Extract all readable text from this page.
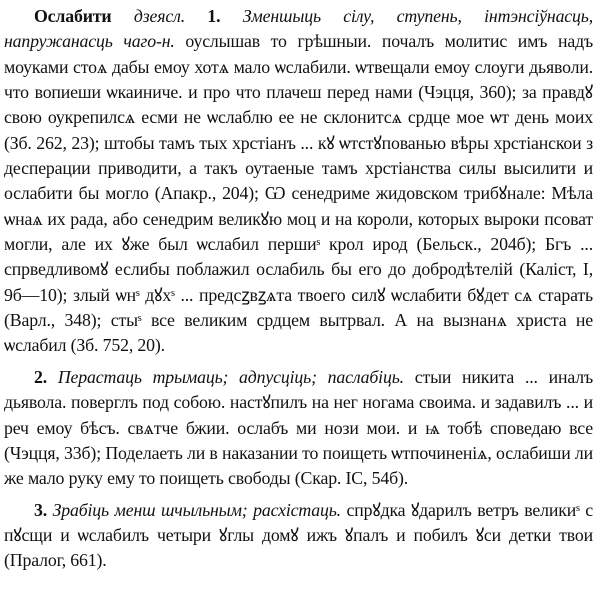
Ослабити дзеясл. 1. Зменшыць сілу, ступень, інтэнсіўнасць, напружанасць чаго-н. оуслышав то грѣшныи. почалъ молитис имъ надъ моуками стоѧ дабы емоу хотѧ мало ѡслабили. ѡтвещали емоу слоуги дьяволи. что вопиеши ѡкаиниче. и про что плачеш перед нами (Чэцця, 360); за правдꙋ свою оукрепилсѧ есми не ѡслаблю ее не склонитсѧ срдце мое ѡт день моих (Зб. 262, 23); штобы тамъ тых хрстіанъ ... кꙋ ѡтстꙋпованью вѣры хрстіанскои з десперации приводити, а такъ оутаеные тамъ хрстіанства силы высилити и ослабити бы могло (Апакр., 204); Ѡ сенедриме жидовском трибꙋнале: Мѣла ѡнаѧ их рада, або сенедрим великꙋю моц и на короли, которых выроки псоват могли, але их ꙋже был ѡслабил першиˢ крол ирод (Бельск., 204б); Бгъ ... спрведливомꙋ еслибы поблажил ослабиль бы его до добродѣтелій (Каліст, I, 9б—10); злый ѡнˢ дꙋхˢ ... предсꙁвꙁѧта твоего силꙋ ѡслабити бꙋдет сѧ старать (Варл., 348); стыˢ все великим срдцем вытрвал. А на вызнанѧ христа не ѡслабил (Зб. 752, 20).

2. Перастаць трымаць; адпусціць; паслабіць. стыи никита ... иналъ дьявола. поверглъ под собою. настꙋпилъ на нег ногама своима. и задавилъ ... и реч емоу бѣсъ. свѧтче бжии. ослабъ ми нози мои. и ѩ тобѣ споведаю все (Чэцця, 33б); Поделаеть ли в наказании то поищеть ѡтпочиненіѧ, ослабиши ли же мало руку ему то поищеть свободы (Скар. ІС, 54б).

3. Зрабіць менш шчыльным; расхістаць. спрꙋдка ꙋдарилъ ветръ великиˢ с пꙋсщи и ѡслабилъ четыри ꙋглы домꙋ ижъ ꙋпалъ и побилъ ꙋси детки твои (Пралог, 661).
